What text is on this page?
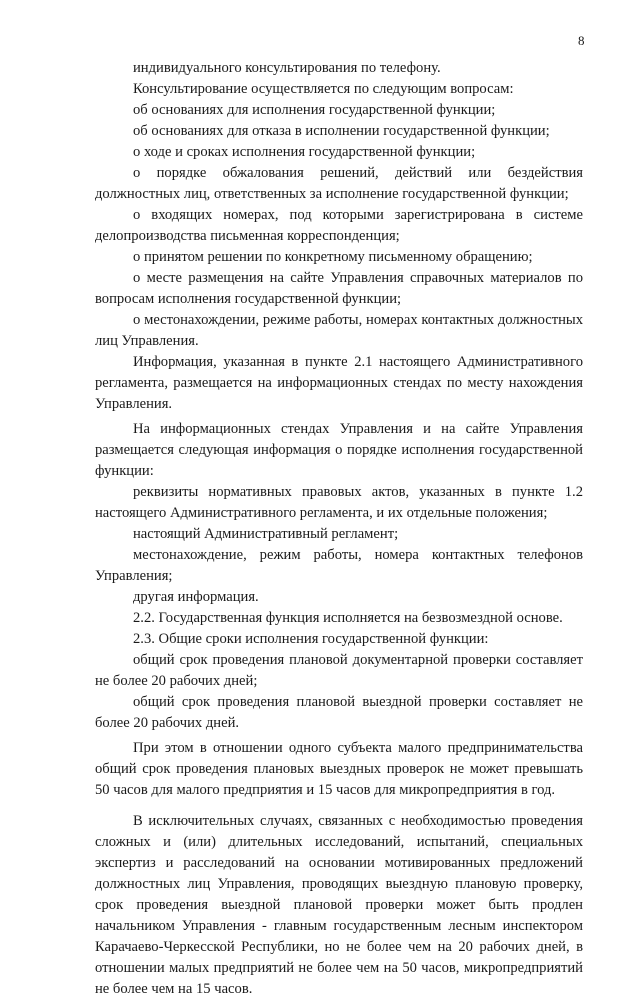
8

индивидуального консультирования по телефону.

Консультирование осуществляется по следующим вопросам:

об основаниях для исполнения государственной функции;

об основаниях для отказа в исполнении государственной функции;

о ходе и сроках исполнения государственной функции;

о порядке обжалования решений, действий или бездействия должностных лиц, ответственных за исполнение государственной функции;

о входящих номерах, под которыми зарегистрирована в системе делопроизводства письменная корреспонденция;

о принятом решении по конкретному письменному обращению;

о месте размещения на сайте Управления справочных материалов по вопросам исполнения государственной функции;

о местонахождении, режиме работы, номерах контактных должностных лиц Управления.

Информация, указанная в пункте 2.1 настоящего Административного регламента, размещается на информационных стендах по месту нахождения Управления.

На информационных стендах Управления и на сайте Управления размещается следующая информация о порядке исполнения государственной функции:

реквизиты нормативных правовых актов, указанных в пункте 1.2 настоящего Административного регламента, и их отдельные положения;

настоящий Административный регламент;

местонахождение, режим работы, номера контактных телефонов Управления;

другая информация.

2.2. Государственная функция исполняется на безвозмездной основе.

2.3. Общие сроки исполнения государственной функции:

общий срок проведения плановой документарной проверки составляет не более 20 рабочих дней;

общий срок проведения плановой выездной проверки составляет не более 20 рабочих дней.

При этом в отношении одного субъекта малого предпринимательства общий срок проведения плановых выездных проверок не может превышать 50 часов для малого предприятия и 15 часов для микропредприятия в год.

В исключительных случаях, связанных с необходимостью проведения сложных и (или) длительных исследований, испытаний, специальных экспертиз и расследований на основании мотивированных предложений должностных лиц Управления, проводящих выездную плановую проверку, срок проведения выездной плановой проверки может быть продлен начальником Управления - главным государственным лесным инспектором Карачаево-Черкесской Республики, но не более чем на 20 рабочих дней, в отношении малых предприятий не более чем на 50 часов, микропредприятий не более чем на 15 часов.
